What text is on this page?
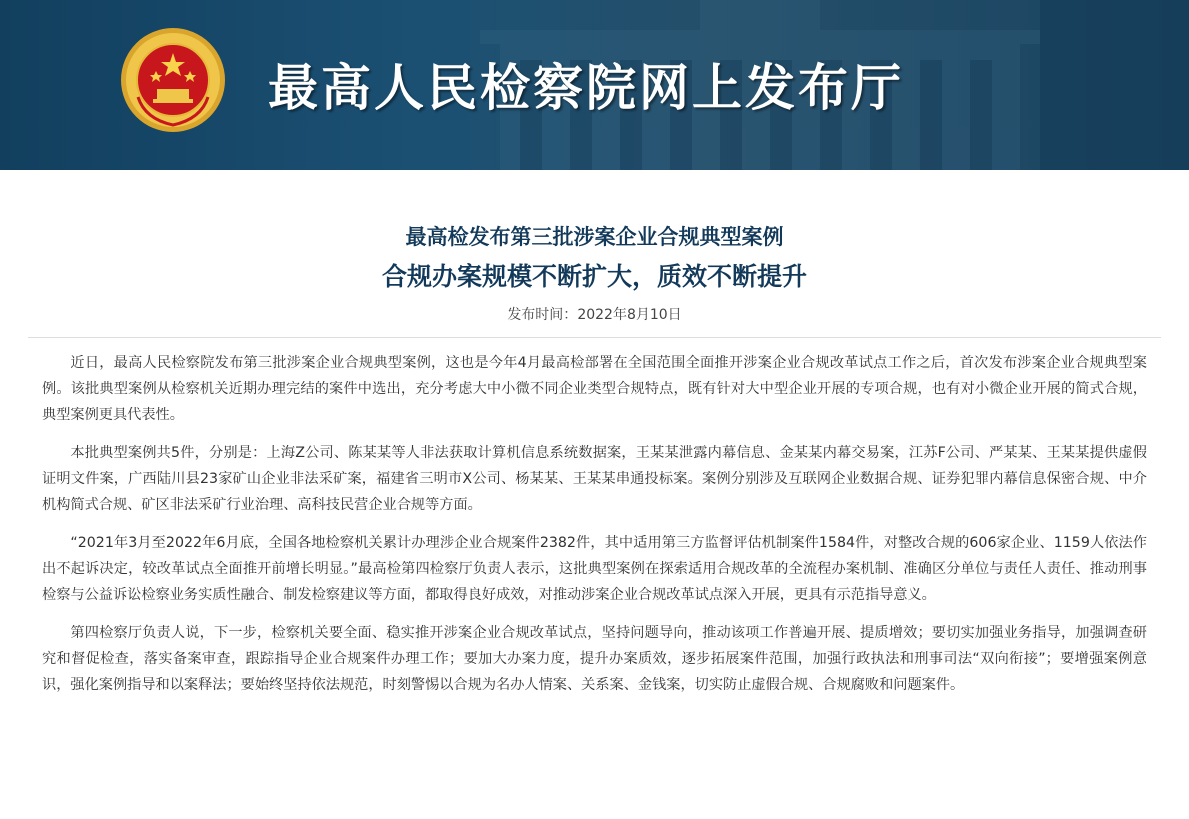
最高人民检察院网上发布厅
最高检发布第三批涉案企业合规典型案例
合规办案规模不断扩大，质效不断提升
发布时间：2022年8月10日

近日，最高人民检察院发布第三批涉案企业合规典型案例，这也是今年4月最高检部署在全国范围全面推开涉案企业合规改革试点工作之后，首次发布涉案企业合规典型案例。该批典型案例从检察机关近期办理完结的案件中选出，充分考虑大中小微不同企业类型合规特点，既有针对大中型企业开展的专项合规，也有对小微企业开展的简式合规，典型案例更具代表性。

本批典型案例共5件，分别是：上海Z公司、陈某某等人非法获取计算机信息系统数据案，王某某泄露内幕信息、金某某内幕交易案，江苏F公司、严某某、王某某提供虚假证明文件案，广西陆川县23家矿山企业非法采矿案，福建省三明市X公司、杨某某、王某某串通投标案。案例分别涉及互联网企业数据合规、证券犯罪内幕信息保密合规、中介机构简式合规、矿区非法采矿行业治理、高科技民营企业合规等方面。

“2021年3月至2022年6月底，全国各地检察机关累计办理涉企业合规案件2382件，其中适用第三方监督评估机制案件1584件，对整改合规的606家企业、1159人依法作出不起诉决定，较改革试点全面推开前增长明显。”最高检第四检察厅负责人表示，这批典型案例在探索适用合规改革的全流程办案机制、准确区分单位与责任人责任、推动刑事检察与公益诉讼检察业务实质性融合、制发检察建议等方面，都取得良好成效，对推动涉案企业合规改革试点深入开展，更具有示范指导意义。

第四检察厅负责人说，下一步，检察机关要全面、稳实推开涉案企业合规改革试点，坚持问题导向，推动该项工作普遍开展、提质增效；要切实加强业务指导，加强调查研究和督促检查，落实备案审查，跟踪指导企业合规案件办理工作；要加大办案力度，提升办案质效，逐步拓展案件范围，加强行政执法和刑事司法“双向衔接”；要增强案例意识，强化案例指导和以案释法；要始终坚持依法规范，时刻警惕以合规为名办人情案、关系案、金钱案，切实防止虚假合规、合规腐败和问题案件。
